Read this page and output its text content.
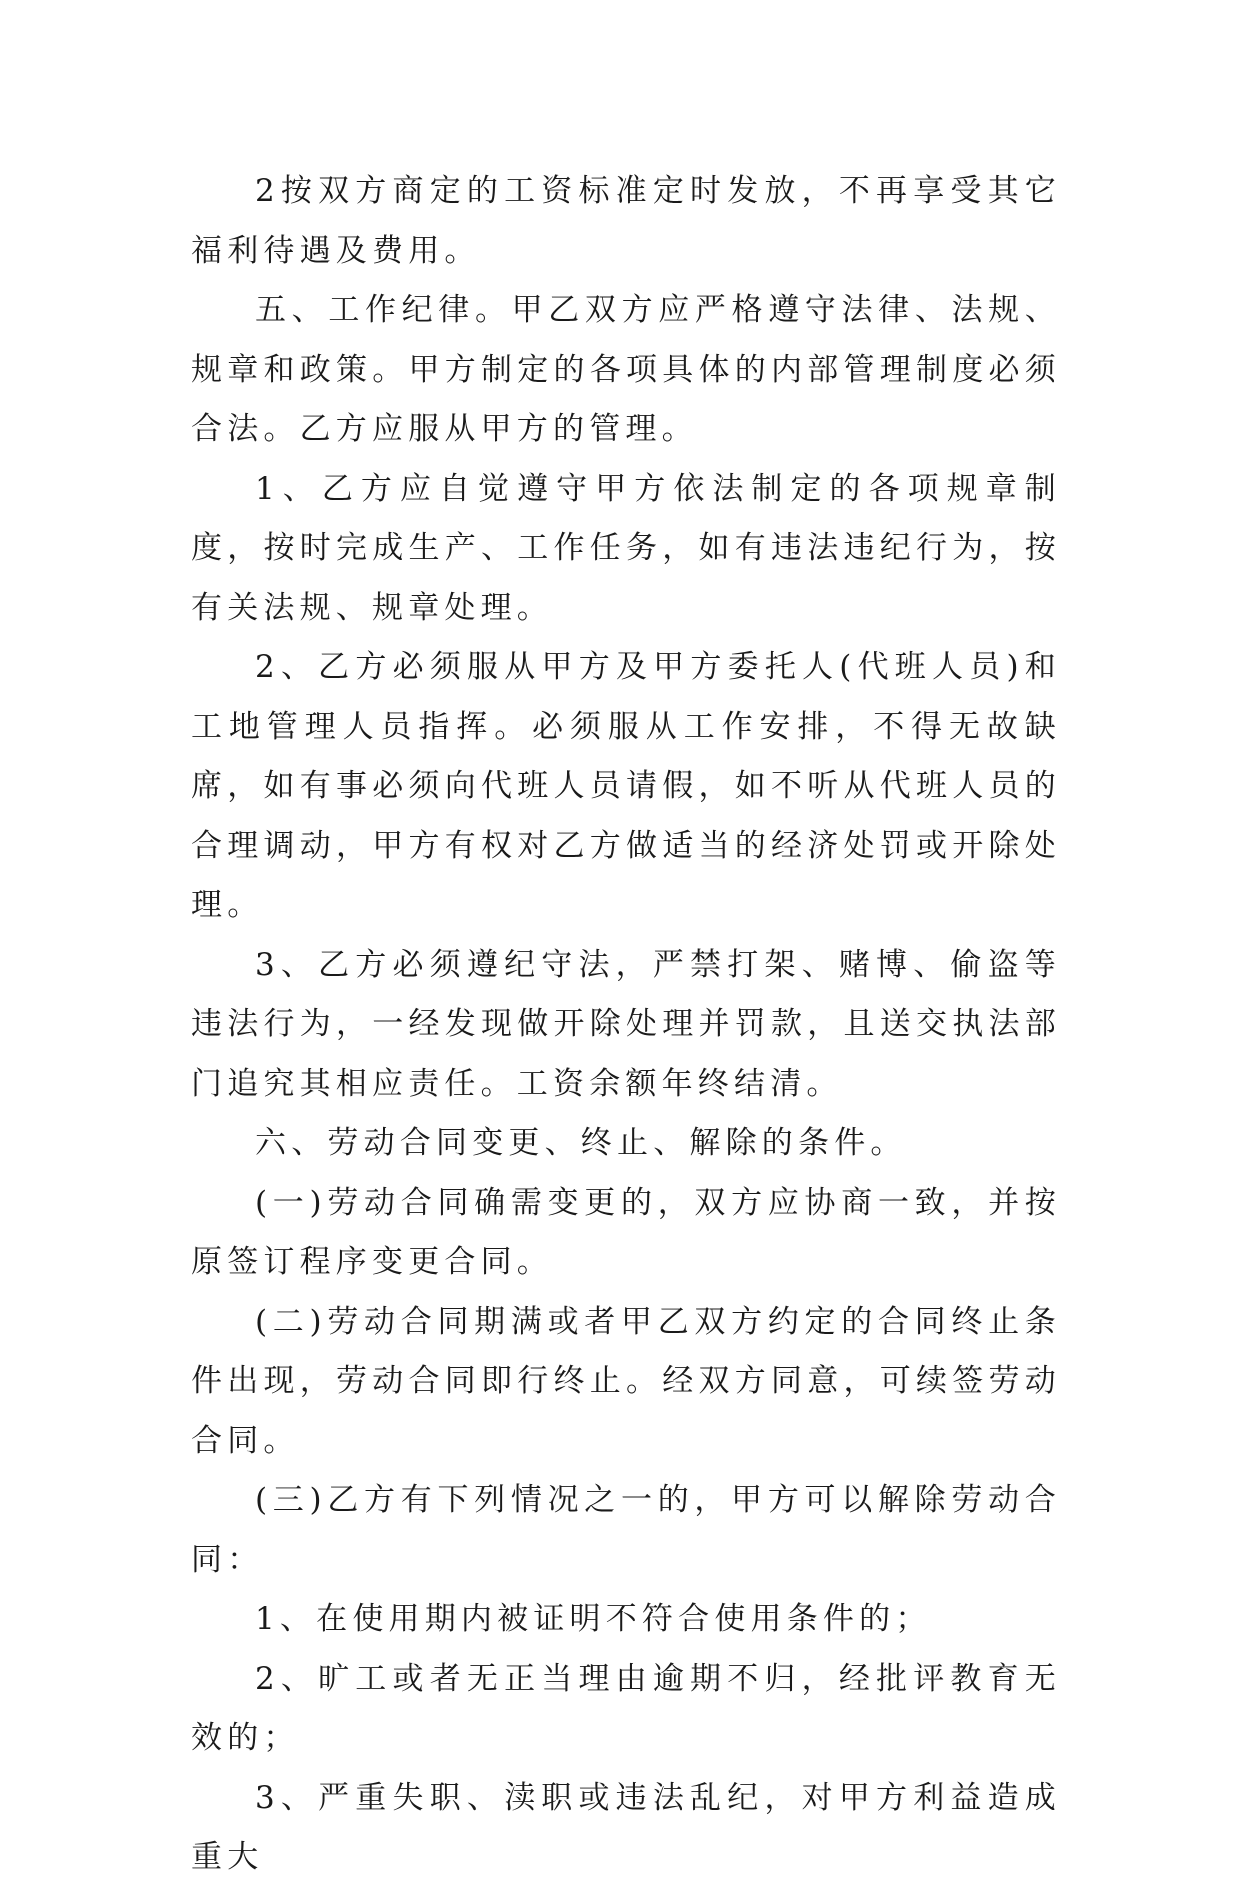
2按双方商定的工资标准定时发放，不再享受其它福利待遇及费用。

五、工作纪律。甲乙双方应严格遵守法律、法规、规章和政策。甲方制定的各项具体的内部管理制度必须合法。乙方应服从甲方的管理。

1、乙方应自觉遵守甲方依法制定的各项规章制度，按时完成生产、工作任务，如有违法违纪行为，按有关法规、规章处理。

2、乙方必须服从甲方及甲方委托人(代班人员)和工地管理人员指挥。必须服从工作安排，不得无故缺席，如有事必须向代班人员请假，如不听从代班人员的合理调动，甲方有权对乙方做适当的经济处罚或开除处理。

3、乙方必须遵纪守法，严禁打架、赌博、偷盗等违法行为，一经发现做开除处理并罚款，且送交执法部门追究其相应责任。工资余额年终结清。

六、劳动合同变更、终止、解除的条件。

(一)劳动合同确需变更的，双方应协商一致，并按原签订程序变更合同。

(二)劳动合同期满或者甲乙双方约定的合同终止条件出现，劳动合同即行终止。经双方同意，可续签劳动合同。

(三)乙方有下列情况之一的，甲方可以解除劳动合同：

1、在使用期内被证明不符合使用条件的；

2、旷工或者无正当理由逾期不归，经批评教育无效的；

3、严重失职、渎职或违法乱纪，对甲方利益造成重大
